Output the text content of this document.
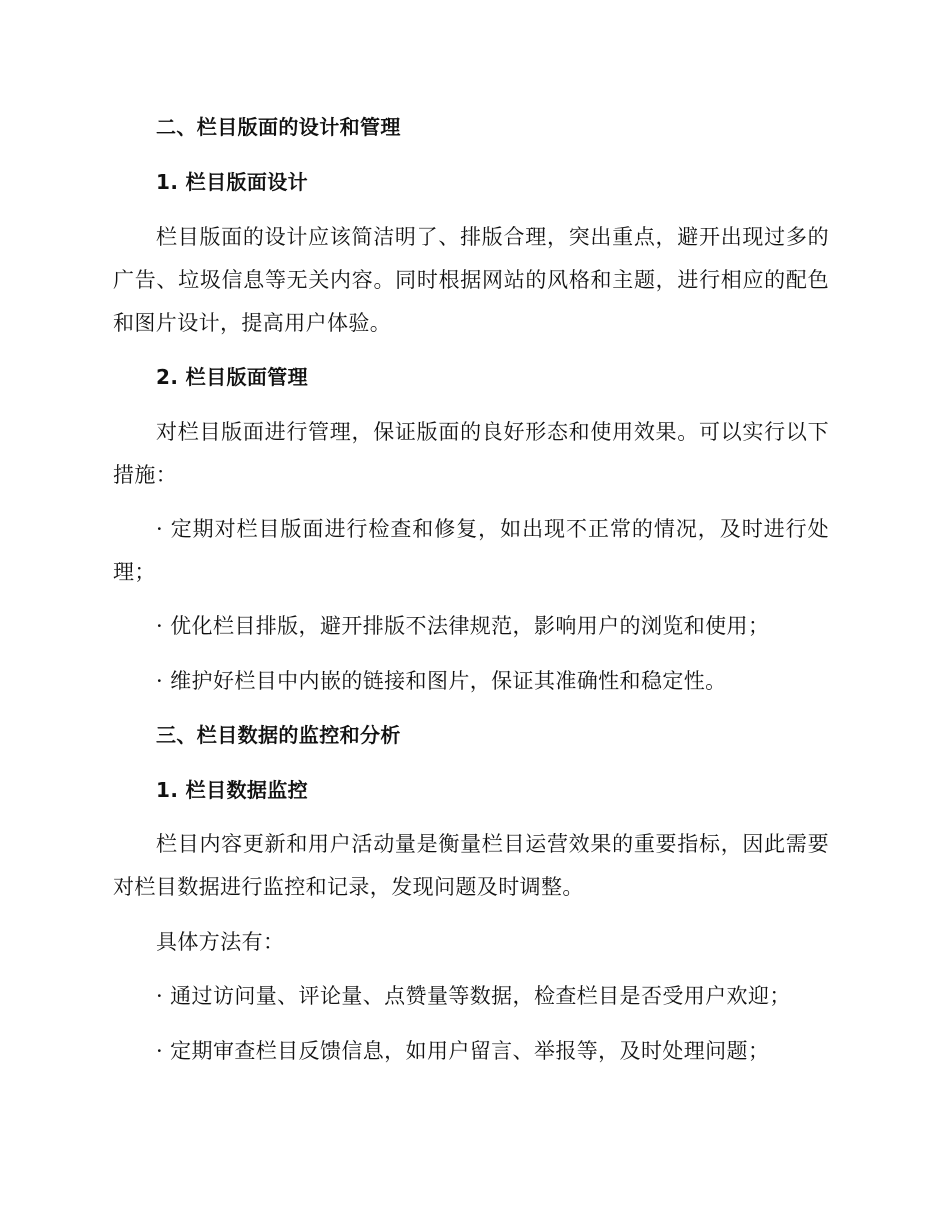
二、栏目版面的设计和管理
1. 栏目版面设计
栏目版面的设计应该简洁明了、排版合理，突出重点，避开出现过多的
广告、垃圾信息等无关内容。同时根据网站的风格和主题，进行相应的配色
和图片设计，提高用户体验。
2. 栏目版面管理
对栏目版面进行管理，保证版面的良好形态和使用效果。可以实行以下
措施：
· 定期对栏目版面进行检查和修复，如出现不正常的情况，及时进行处
理；
· 优化栏目排版，避开排版不法律规范，影响用户的浏览和使用；
· 维护好栏目中内嵌的链接和图片，保证其准确性和稳定性。
三、栏目数据的监控和分析
1. 栏目数据监控
栏目内容更新和用户活动量是衡量栏目运营效果的重要指标，因此需要
对栏目数据进行监控和记录，发现问题及时调整。
具体方法有：
· 通过访问量、评论量、点赞量等数据，检查栏目是否受用户欢迎；
· 定期审查栏目反馈信息，如用户留言、举报等，及时处理问题；
